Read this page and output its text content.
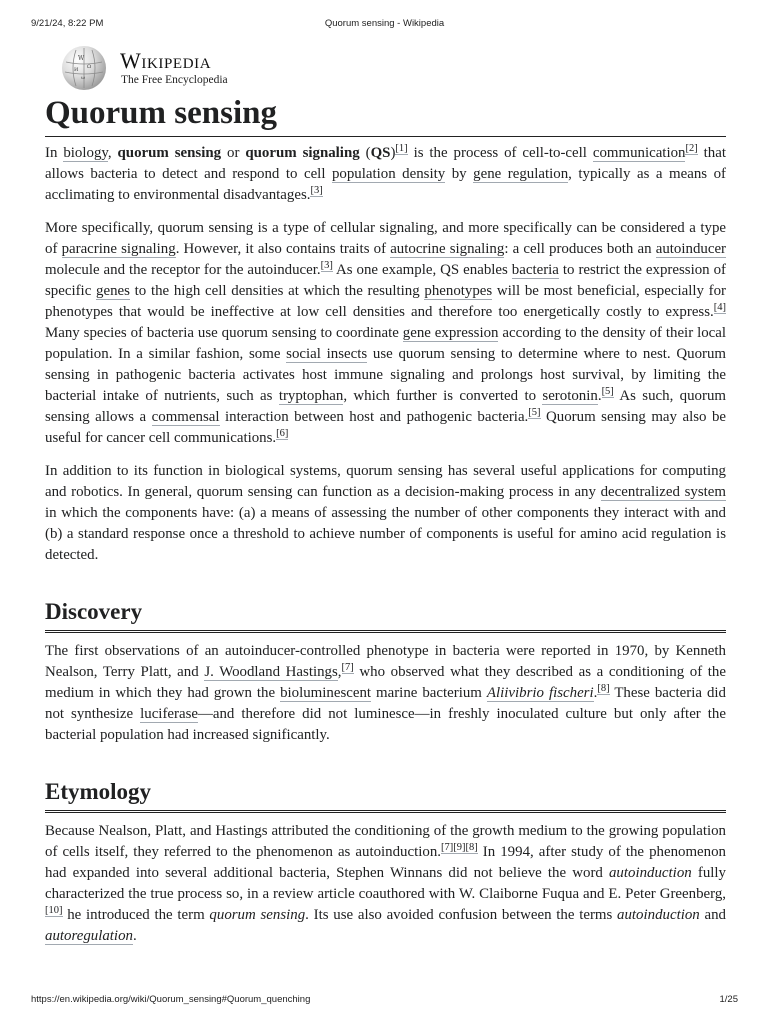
9/21/24, 8:22 PM	Quorum sensing - Wikipedia
W
Ω
И
ω
Wikipedia
The Free Encyclopedia
Quorum sensing

In biology, quorum sensing or quorum signaling (QS)[1] is the process of cell-to-cell communication[2] that allows bacteria to detect and respond to cell population density by gene regulation, typically as a means of acclimating to environmental disadvantages.[3]

More specifically, quorum sensing is a type of cellular signaling, and more specifically can be considered a type of paracrine signaling. However, it also contains traits of autocrine signaling: a cell produces both an autoinducer molecule and the receptor for the autoinducer.[3] As one example, QS enables bacteria to restrict the expression of specific genes to the high cell densities at which the resulting phenotypes will be most beneficial, especially for phenotypes that would be ineffective at low cell densities and therefore too energetically costly to express.[4] Many species of bacteria use quorum sensing to coordinate gene expression according to the density of their local population. In a similar fashion, some social insects use quorum sensing to determine where to nest. Quorum sensing in pathogenic bacteria activates host immune signaling and prolongs host survival, by limiting the bacterial intake of nutrients, such as tryptophan, which further is converted to serotonin.[5] As such, quorum sensing allows a commensal interaction between host and pathogenic bacteria.[5] Quorum sensing may also be useful for cancer cell communications.[6]

In addition to its function in biological systems, quorum sensing has several useful applications for computing and robotics. In general, quorum sensing can function as a decision-making process in any decentralized system in which the components have: (a) a means of assessing the number of other components they interact with and (b) a standard response once a threshold to achieve number of components is useful for amino acid regulation is detected.

Discovery

The first observations of an autoinducer-controlled phenotype in bacteria were reported in 1970, by Kenneth Nealson, Terry Platt, and J. Woodland Hastings,[7] who observed what they described as a conditioning of the medium in which they had grown the bioluminescent marine bacterium Aliivibrio fischeri.[8] These bacteria did not synthesize luciferase—and therefore did not luminesce—in freshly inoculated culture but only after the bacterial population had increased significantly.

Etymology

Because Nealson, Platt, and Hastings attributed the conditioning of the growth medium to the growing population of cells itself, they referred to the phenomenon as autoinduction.[7][9][8] In 1994, after study of the phenomenon had expanded into several additional bacteria, Stephen Winnans did not believe the word autoinduction fully characterized the true process so, in a review article coauthored with W. Claiborne Fuqua and E. Peter Greenberg,[10] he introduced the term quorum sensing. Its use also avoided confusion between the terms autoinduction and autoregulation.

https://en.wikipedia.org/wiki/Quorum_sensing#Quorum_quenching	1/25
